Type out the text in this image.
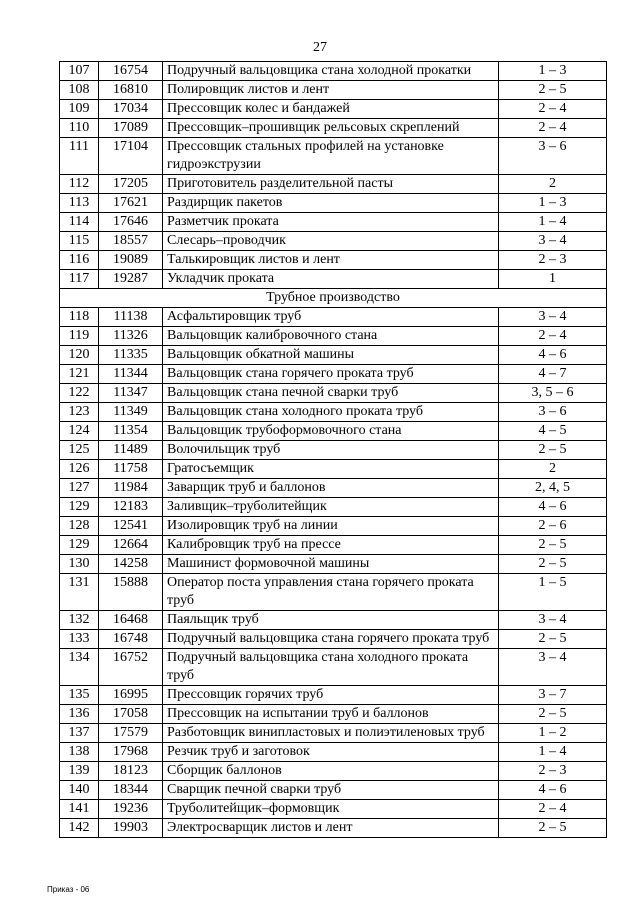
27
107	16754	Подручный вальцовщика стана холодной прокатки	1 – 3
108	16810	Полировщик листов и лент	2 – 5
109	17034	Прессовщик колес и бандажей	2 – 4
110	17089	Прессовщик–прошивщик рельсовых скреплений	2 – 4
111	17104	Прессовщик стальных профилей на установке гидроэкструзии	3 – 6
112	17205	Приготовитель разделительной пасты	2
113	17621	Раздирщик пакетов	1 – 3
114	17646	Разметчик проката	1 – 4
115	18557	Слесарь–проводчик	3 – 4
116	19089	Талькировщик листов и лент	2 – 3
117	19287	Укладчик проката	1
Трубное производство			
118	11138	Асфальтировщик труб	3 – 4
119	11326	Вальцовщик калибровочного стана	2 – 4
120	11335	Вальцовщик обкатной машины	4 – 6
121	11344	Вальцовщик стана горячего проката труб	4 – 7
122	11347	Вальцовщик стана печной сварки труб	3, 5 – 6
123	11349	Вальцовщик стана холодного проката труб	3 – 6
124	11354	Вальцовщик трубоформовочного стана	4 – 5
125	11489	Волочильщик труб	2 – 5
126	11758	Гратосъемщик	2
127	11984	Заварщик труб и баллонов	2, 4, 5
129	12183	Заливщик–труболитейщик	4 – 6
128	12541	Изолировщик труб на линии	2 – 6
129	12664	Калибровщик труб на прессе	2 – 5
130	14258	Машинист формовочной машины	2 – 5
131	15888	Оператор поста управления стана горячего проката труб	1 – 5
132	16468	Паяльщик труб	3 – 4
133	16748	Подручный вальцовщика стана горячего проката труб	2 – 5
134	16752	Подручный вальцовщика стана холодного проката труб	3 – 4
135	16995	Прессовщик горячих труб	3 – 7
136	17058	Прессовщик на испытании труб и баллонов	2 – 5
137	17579	Разботовщик винипластовых и полиэтиленовых труб	1 – 2
138	17968	Резчик труб и заготовок	1 – 4
139	18123	Сборщик баллонов	2 – 3
140	18344	Сварщик печной сварки труб	4 – 6
141	19236	Труболитейщик–формовщик	2 – 4
142	19903	Электросварщик листов и лент	2 – 5
Приказ - 06
